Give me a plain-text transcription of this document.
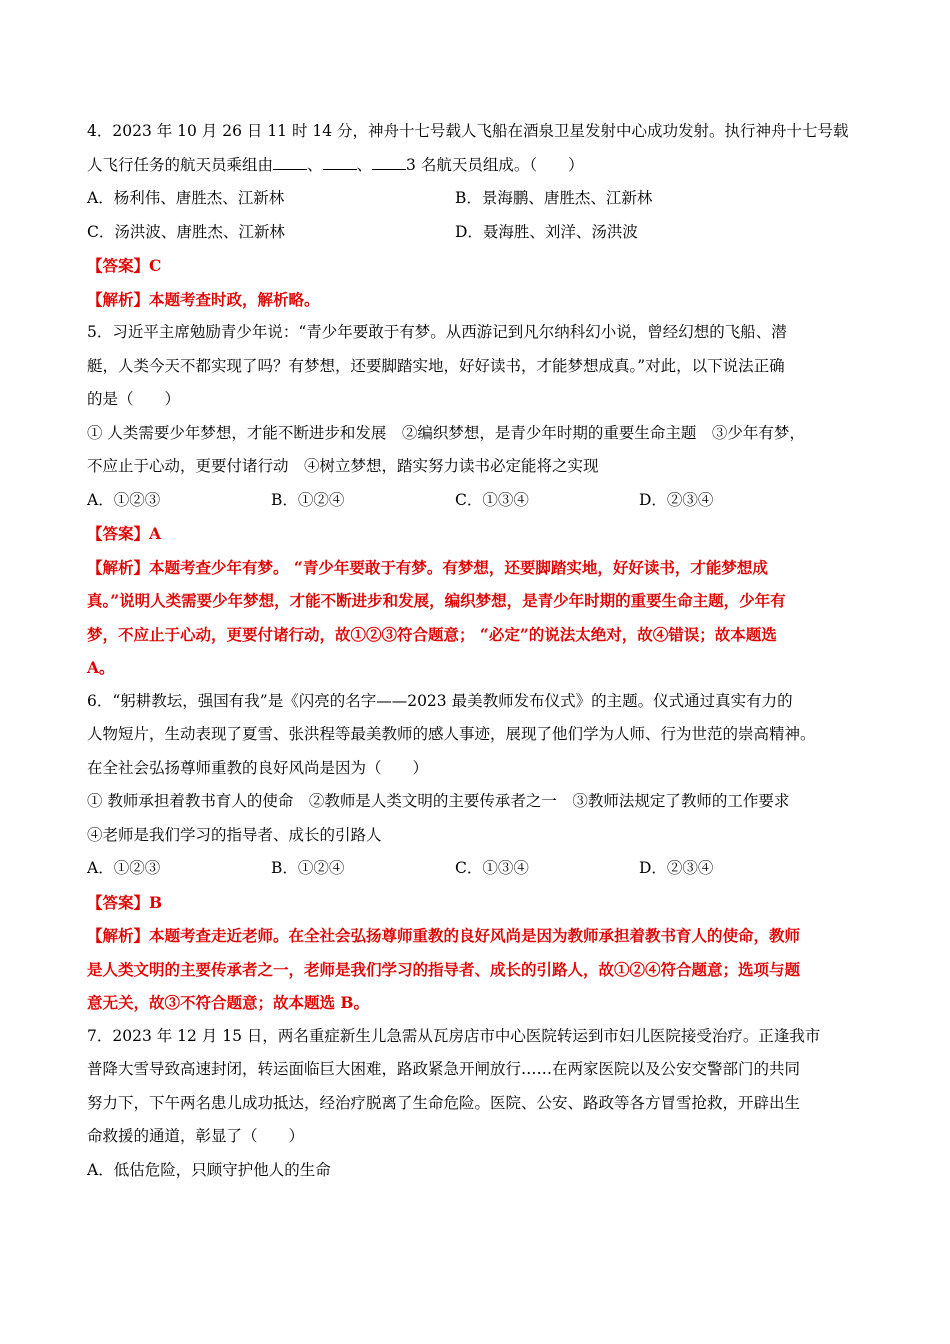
4．2023 年 10 月 26 日 11 时 14 分，神舟十七号载人飞船在酒泉卫星发射中心成功发射。执行神舟十七号载
人飞行任务的航天员乘组由 、 、 3 名航天员组成。（　　）
A．杨利伟、唐胜杰、江新林	B．景海鹏、唐胜杰、江新林
C．汤洪波、唐胜杰、江新林	D．聂海胜、刘洋、汤洪波
【答案】C
【解析】本题考查时政，解析略。
5．习近平主席勉励青少年说：“青少年要敢于有梦。从西游记到凡尔纳科幻小说，曾经幻想的飞船、潜
艇，人类今天不都实现了吗？有梦想，还要脚踏实地，好好读书，才能梦想成真。”对此，以下说法正确
的是（　　）
① 人类需要少年梦想，才能不断进步和发展　②编织梦想，是青少年时期的重要生命主题　③少年有梦，
不应止于心动，更要付诸行动　④树立梦想，踏实努力读书必定能将之实现
A．①②③	B．①②④	C．①③④	D．②③④
【答案】A
【解析】本题考查少年有梦。 “青少年要敢于有梦。有梦想，还要脚踏实地，好好读书，才能梦想成
真。”说明人类需要少年梦想，才能不断进步和发展，编织梦想，是青少年时期的重要生命主题，少年有
梦，不应止于心动，更要付诸行动，故①②③符合题意； “必定”的说法太绝对，故④错误；故本题选
A。
6．“躬耕教坛，强国有我”是《闪亮的名字——2023 最美教师发布仪式》的主题。仪式通过真实有力的
人物短片，生动表现了夏雪、张洪程等最美教师的感人事迹，展现了他们学为人师、行为世范的崇高精神。
在全社会弘扬尊师重教的良好风尚是因为（　　）
① 教师承担着教书育人的使命　②教师是人类文明的主要传承者之一　③教师法规定了教师的工作要求
④老师是我们学习的指导者、成长的引路人
A．①②③	B．①②④	C．①③④	D．②③④
【答案】B
【解析】本题考查走近老师。在全社会弘扬尊师重教的良好风尚是因为教师承担着教书育人的使命，教师
是人类文明的主要传承者之一，老师是我们学习的指导者、成长的引路人，故①②④符合题意；选项与题
意无关，故③不符合题意；故本题选 B。
7．2023 年 12 月 15 日，两名重症新生儿急需从瓦房店市中心医院转运到市妇儿医院接受治疗。正逢我市
普降大雪导致高速封闭，转运面临巨大困难，路政紧急开闸放行……在两家医院以及公安交警部门的共同
努力下，下午两名患儿成功抵达，经治疗脱离了生命危险。医院、公安、路政等各方冒雪抢救，开辟出生
命救援的通道，彰显了（　　）
A．低估危险，只顾守护他人的生命
